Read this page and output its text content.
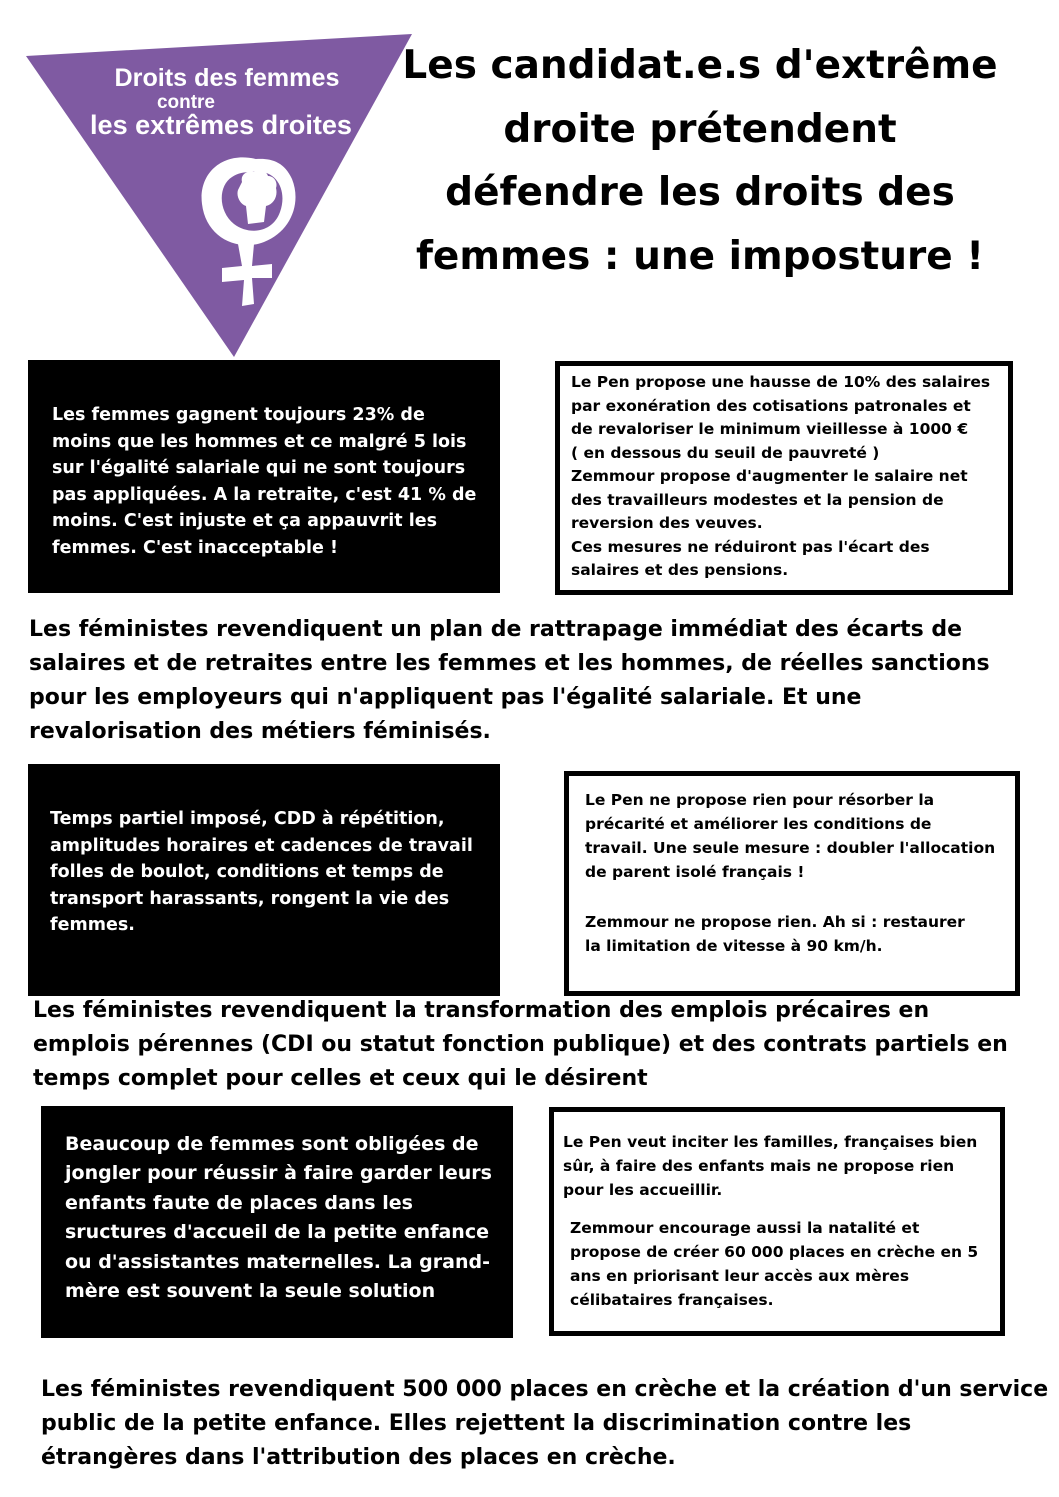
Droits des femmes
contre
les extrêmes droites
Les candidat.e.s d'extrême
droite prétendent
défendre les droits des
femmes : une imposture !

Les femmes gagnent toujours 23% de
moins que les hommes et ce malgré 5 lois
sur l'égalité salariale qui ne sont toujours
pas appliquées. A la retraite, c'est 41 % de
moins. C'est injuste et ça appauvrit les
femmes. C'est inacceptable !

Le Pen propose une hausse de 10% des salaires
par exonération des cotisations patronales et
de revaloriser le minimum vieillesse à 1000 €
( en dessous du seuil de pauvreté )

Zemmour propose d'augmenter le salaire net
des travailleurs modestes et la pension de
reversion des veuves.

Ces mesures ne réduiront pas l'écart des
salaires et des pensions.

Les féministes revendiquent un plan de rattrapage immédiat des écarts de
salaires et de retraites entre les femmes et les hommes, de réelles sanctions
pour les employeurs qui n'appliquent pas l'égalité salariale. Et une
revalorisation des métiers féminisés.

Temps partiel imposé, CDD à répétition,
amplitudes horaires et cadences de travail
folles de boulot, conditions et temps de
transport harassants, rongent la vie des
femmes.

Le Pen ne propose rien pour résorber la
précarité et améliorer les conditions de
travail. Une seule mesure : doubler l'allocation
de parent isolé français !

Zemmour ne propose rien. Ah si : restaurer
la limitation de vitesse à 90 km/h.

Les féministes revendiquent la transformation des emplois précaires en
emplois pérennes (CDI ou statut fonction publique) et des contrats partiels en
temps complet pour celles et ceux qui le désirent

Beaucoup de femmes sont obligées de
jongler pour réussir à faire garder leurs
enfants faute de places dans les
sructures d'accueil de la petite enfance
ou d'assistantes maternelles. La grand-
mère est souvent la seule solution

Le Pen veut inciter les familles, françaises bien
sûr, à faire des enfants mais ne propose rien
pour les accueillir.

Zemmour encourage aussi la natalité et
propose de créer 60 000 places en crèche en 5
ans en priorisant leur accès aux mères
célibataires françaises.

Les féministes revendiquent 500 000 places en crèche et la création d'un service
public de la petite enfance. Elles rejettent la discrimination contre les
étrangères dans l'attribution des places en crèche.
